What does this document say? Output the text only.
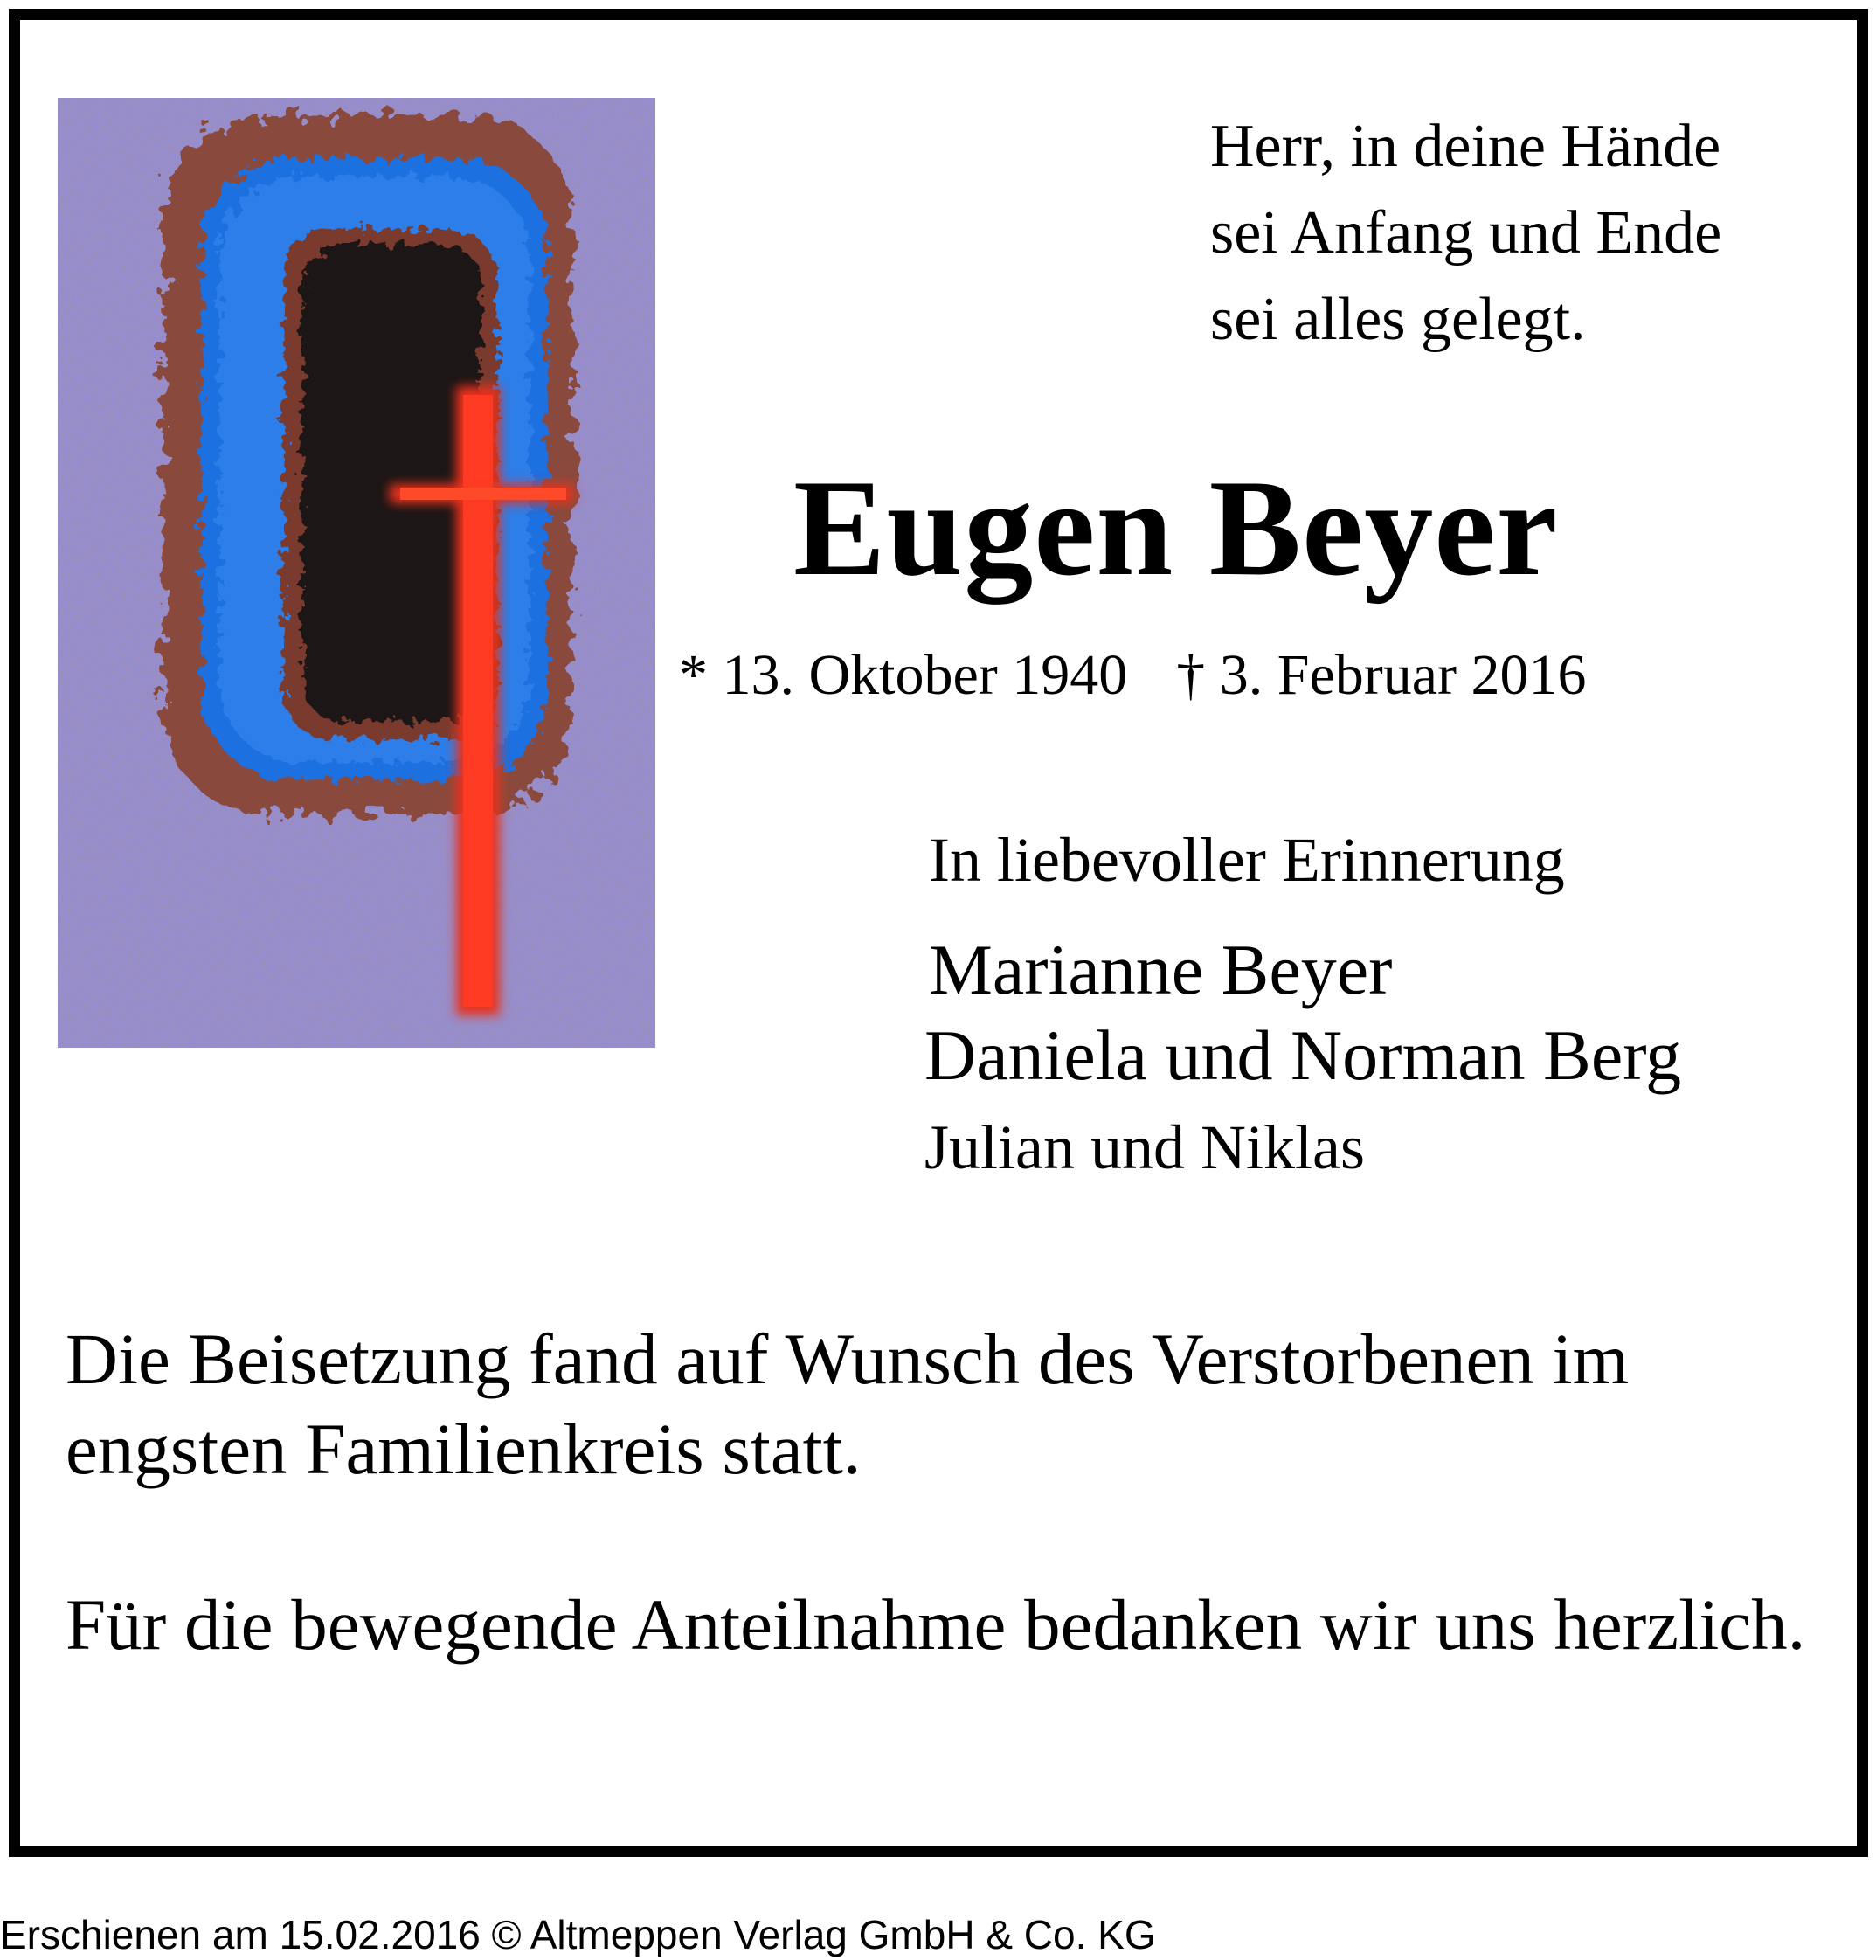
Herr, in deine Hände
sei Anfang und Ende
sei alles gelegt.
Eugen Beyer
* 13. Oktober 1940 † 3. Februar 2016
In liebevoller Erinnerung
Marianne Beyer
Daniela und Norman Berg
Julian und Niklas
Die Beisetzung fand auf Wunsch des Verstorbenen im engsten Familienkreis statt.
Für die bewegende Anteilnahme bedanken wir uns herzlich.
Erschienen am 15.02.2016 © Altmeppen Verlag GmbH & Co. KG
